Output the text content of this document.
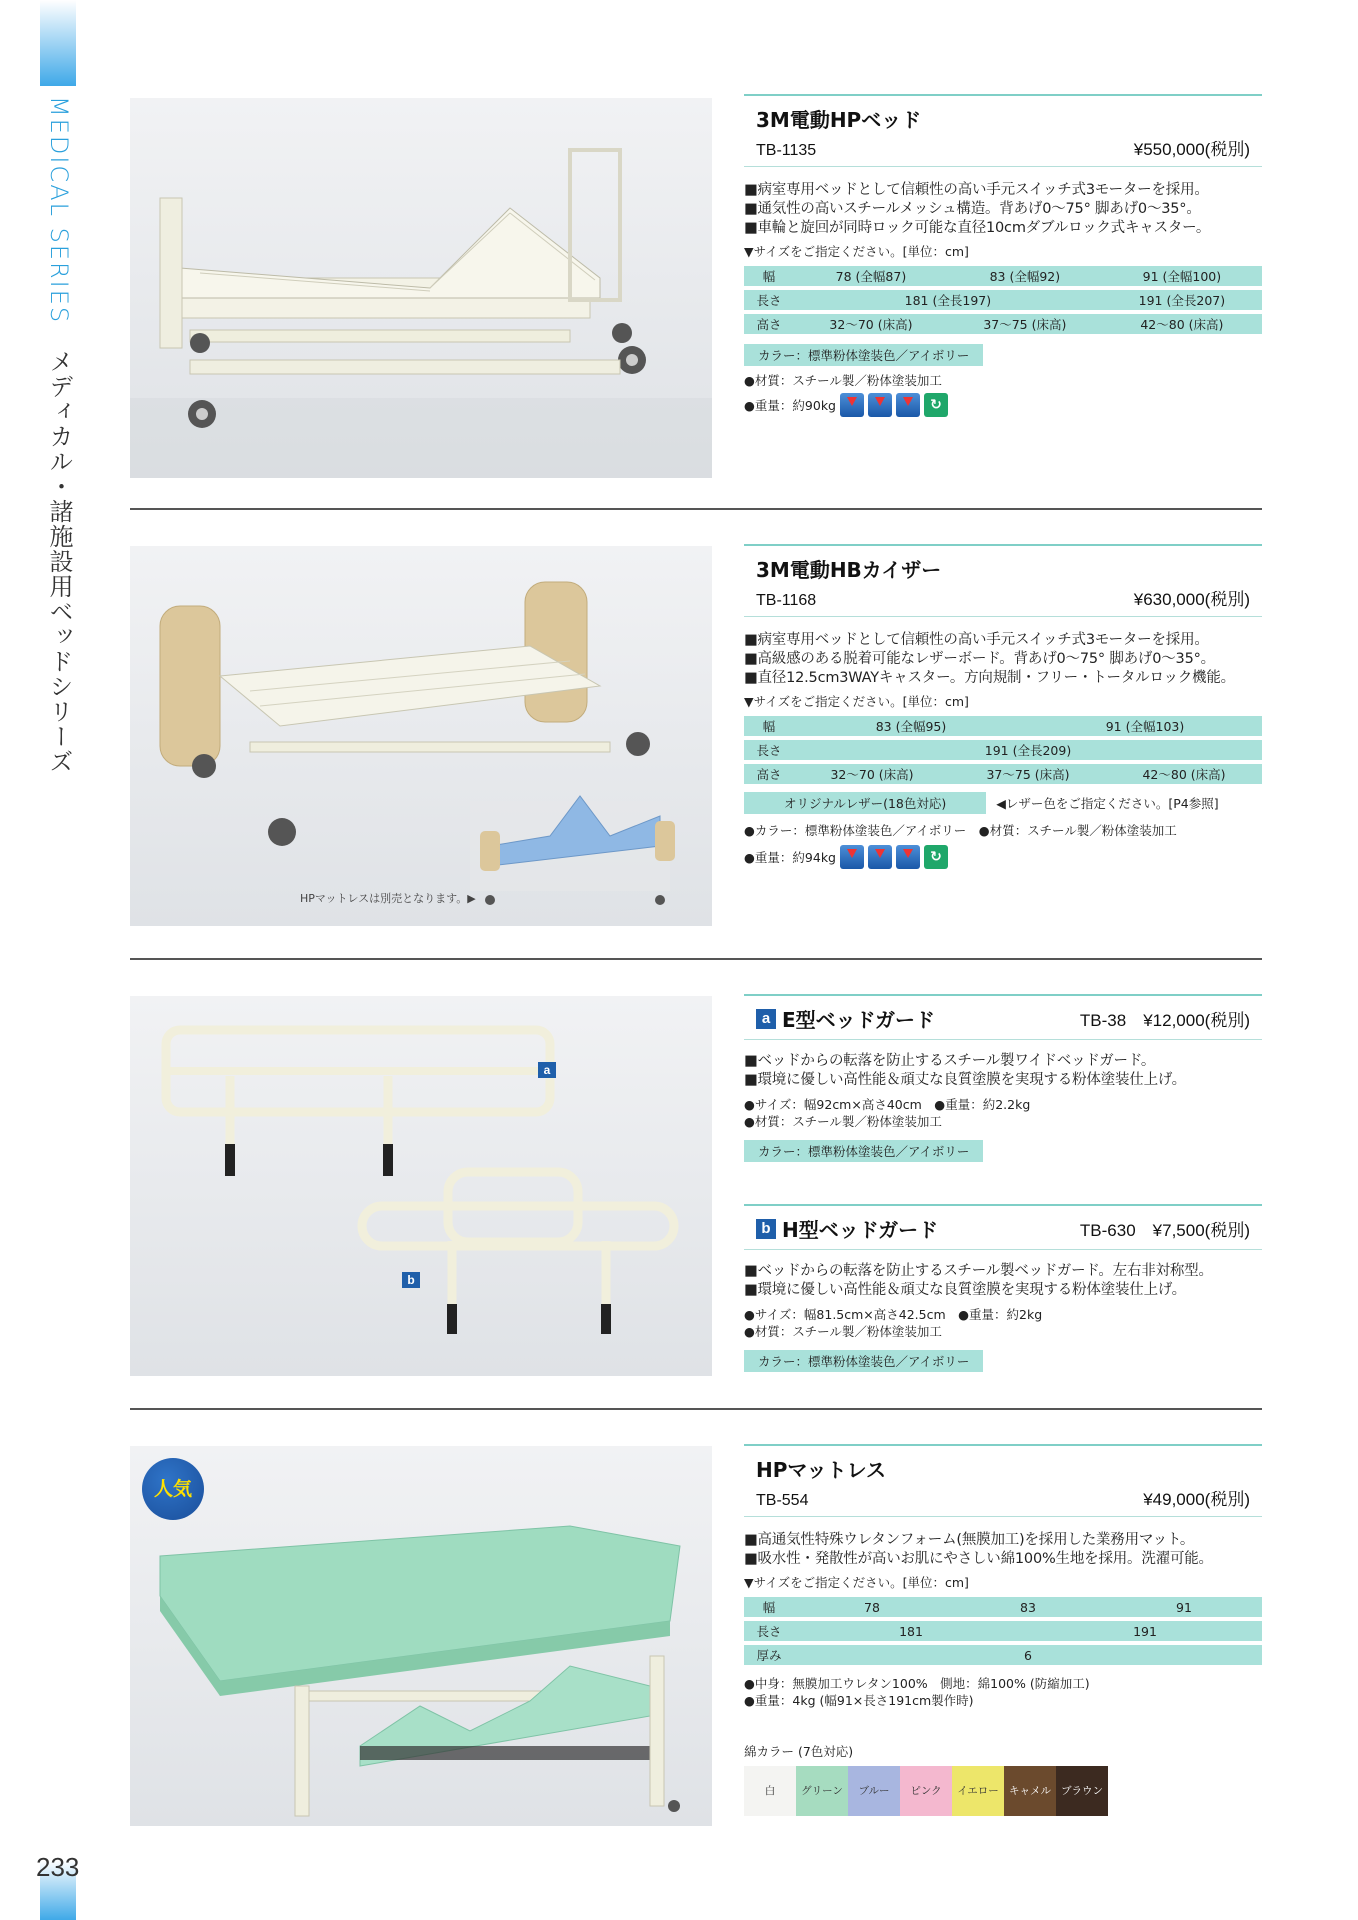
MEDICAL SERIES メディカル・諸施設用ベッドシリーズ
233
3M電動HPベッド
TB-1135	¥550,000(税別)

■病室専用ベッドとして信頼性の高い手元スイッチ式3モーターを採用。

■通気性の高いスチールメッシュ構造。背あげ0〜75° 脚あげ0〜35°。

■車輪と旋回が同時ロック可能な直径10cmダブルロック式キャスター。

▼サイズをご指定ください。[単位：cm]
幅	78 (全幅87)	83 (全幅92)	91 (全幅100)
長さ	181 (全長197)		191 (全長207)
高さ	32〜70 (床高)	37〜75 (床高)	42〜80 (床高)
カラー：標準粉体塗装色／アイボリー
●材質：スチール製／粉体塗装加工
●重量：約90kg	↻
HPマットレスは別売となります。▶
3M電動HBカイザー
TB-1168	¥630,000(税別)

■病室専用ベッドとして信頼性の高い手元スイッチ式3モーターを採用。

■高級感のある脱着可能なレザーボード。背あげ0〜75° 脚あげ0〜35°。

■直径12.5cm3WAYキャスター。方向規制・フリー・トータルロック機能。

▼サイズをご指定ください。[単位：cm]
幅	83 (全幅95)		91 (全幅103)	
長さ	191 (全長209)			
高さ	32〜70 (床高)	37〜75 (床高)		42〜80 (床高)
オリジナルレザー(18色対応)	◀レザー色をご指定ください。[P4参照]
●カラー：標準粉体塗装色／アイボリー　●材質：スチール製／粉体塗装加工
●重量：約94kg	↻
a
b
a E型ベッドガード	TB-38　¥12,000(税別)

■ベッドからの転落を防止するスチール製ワイドベッドガード。

■環境に優しい高性能＆頑丈な良質塗膜を実現する粉体塗装仕上げ。

●サイズ：幅92cm×高さ40cm　●重量：約2.2kg
●材質：スチール製／粉体塗装加工
カラー：標準粉体塗装色／アイボリー
b H型ベッドガード	TB-630　¥7,500(税別)

■ベッドからの転落を防止するスチール製ベッドガード。左右非対称型。

■環境に優しい高性能＆頑丈な良質塗膜を実現する粉体塗装仕上げ。

●サイズ：幅81.5cm×高さ42.5cm　●重量：約2kg
●材質：スチール製／粉体塗装加工
カラー：標準粉体塗装色／アイボリー
人気
HPマットレス
TB-554	¥49,000(税別)

■高通気性特殊ウレタンフォーム(無膜加工)を採用した業務用マット。

■吸水性・発散性が高いお肌にやさしい綿100%生地を採用。洗濯可能。

▼サイズをご指定ください。[単位：cm]
幅	78	83		91
長さ	181		191	
厚み	6			
●中身：無膜加工ウレタン100%　側地：綿100% (防縮加工)
●重量：4kg (幅91×長さ191cm製作時)
綿カラー (7色対応)
白	グリーン	ブルー	ピンク	イエロー キャメル ブラウン
